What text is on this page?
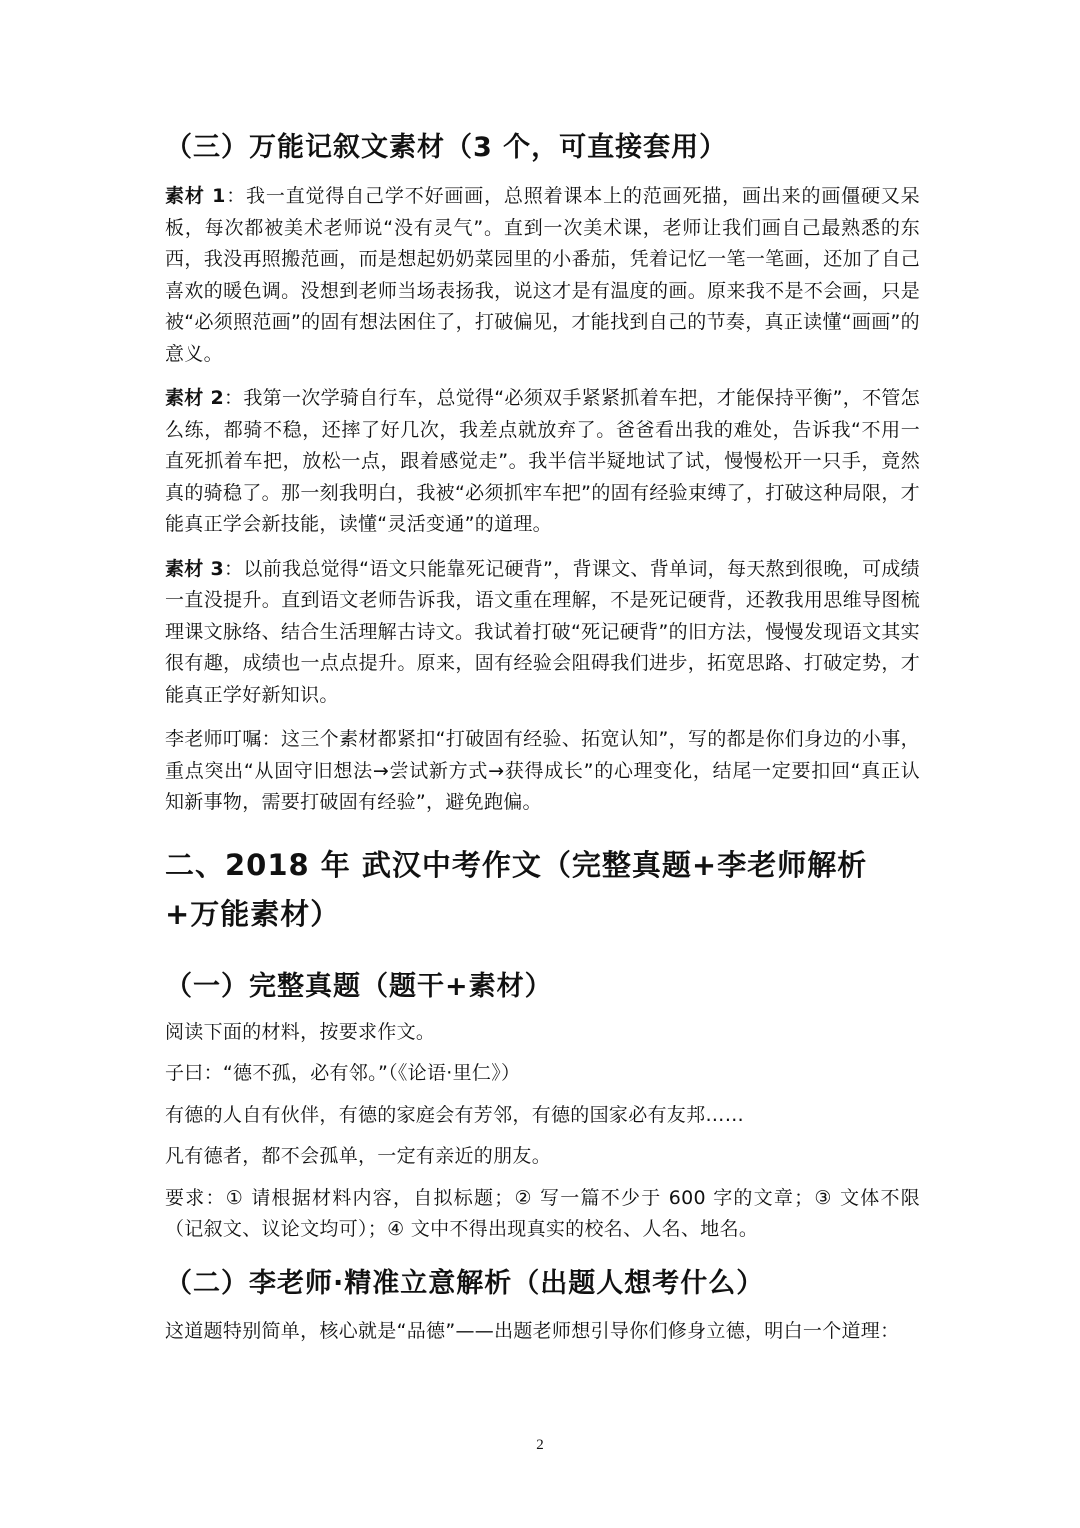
（三）万能记叙文素材（3 个，可直接套用）

素材 1：我一直觉得自己学不好画画，总照着课本上的范画死描，画出来的画僵硬又呆板，每次都被美术老师说“没有灵气”。直到一次美术课，老师让我们画自己最熟悉的东西，我没再照搬范画，而是想起奶奶菜园里的小番茄，凭着记忆一笔一笔画，还加了自己喜欢的暖色调。没想到老师当场表扬我，说这才是有温度的画。原来我不是不会画，只是被“必须照范画”的固有想法困住了，打破偏见，才能找到自己的节奏，真正读懂“画画”的意义。

素材 2：我第一次学骑自行车，总觉得“必须双手紧紧抓着车把，才能保持平衡”，不管怎么练，都骑不稳，还摔了好几次，我差点就放弃了。爸爸看出我的难处，告诉我“不用一直死抓着车把，放松一点，跟着感觉走”。我半信半疑地试了试，慢慢松开一只手，竟然真的骑稳了。那一刻我明白，我被“必须抓牢车把”的固有经验束缚了，打破这种局限，才能真正学会新技能，读懂“灵活变通”的道理。

素材 3：以前我总觉得“语文只能靠死记硬背”，背课文、背单词，每天熬到很晚，可成绩一直没提升。直到语文老师告诉我，语文重在理解，不是死记硬背，还教我用思维导图梳理课文脉络、结合生活理解古诗文。我试着打破“死记硬背”的旧方法，慢慢发现语文其实很有趣，成绩也一点点提升。原来，固有经验会阻碍我们进步，拓宽思路、打破定势，才能真正学好新知识。

李老师叮嘱：这三个素材都紧扣“打破固有经验、拓宽认知”，写的都是你们身边的小事，重点突出“从固守旧想法→尝试新方式→获得成长”的心理变化，结尾一定要扣回“真正认知新事物，需要打破固有经验”，避免跑偏。

二、2018 年 武汉中考作文（完整真题+李老师解析+万能素材）
（一）完整真题（题干+素材）

阅读下面的材料，按要求作文。

子曰：“德不孤，必有邻。”（《论语·里仁》）

有德的人自有伙伴，有德的家庭会有芳邻，有德的国家必有友邦……

凡有德者，都不会孤单，一定有亲近的朋友。

要求：① 请根据材料内容，自拟标题；② 写一篇不少于 600 字的文章；③ 文体不限（记叙文、议论文均可）；④ 文中不得出现真实的校名、人名、地名。

（二）李老师·精准立意解析（出题人想考什么）

这道题特别简单，核心就是“品德”——出题老师想引导你们修身立德，明白一个道理：

2
